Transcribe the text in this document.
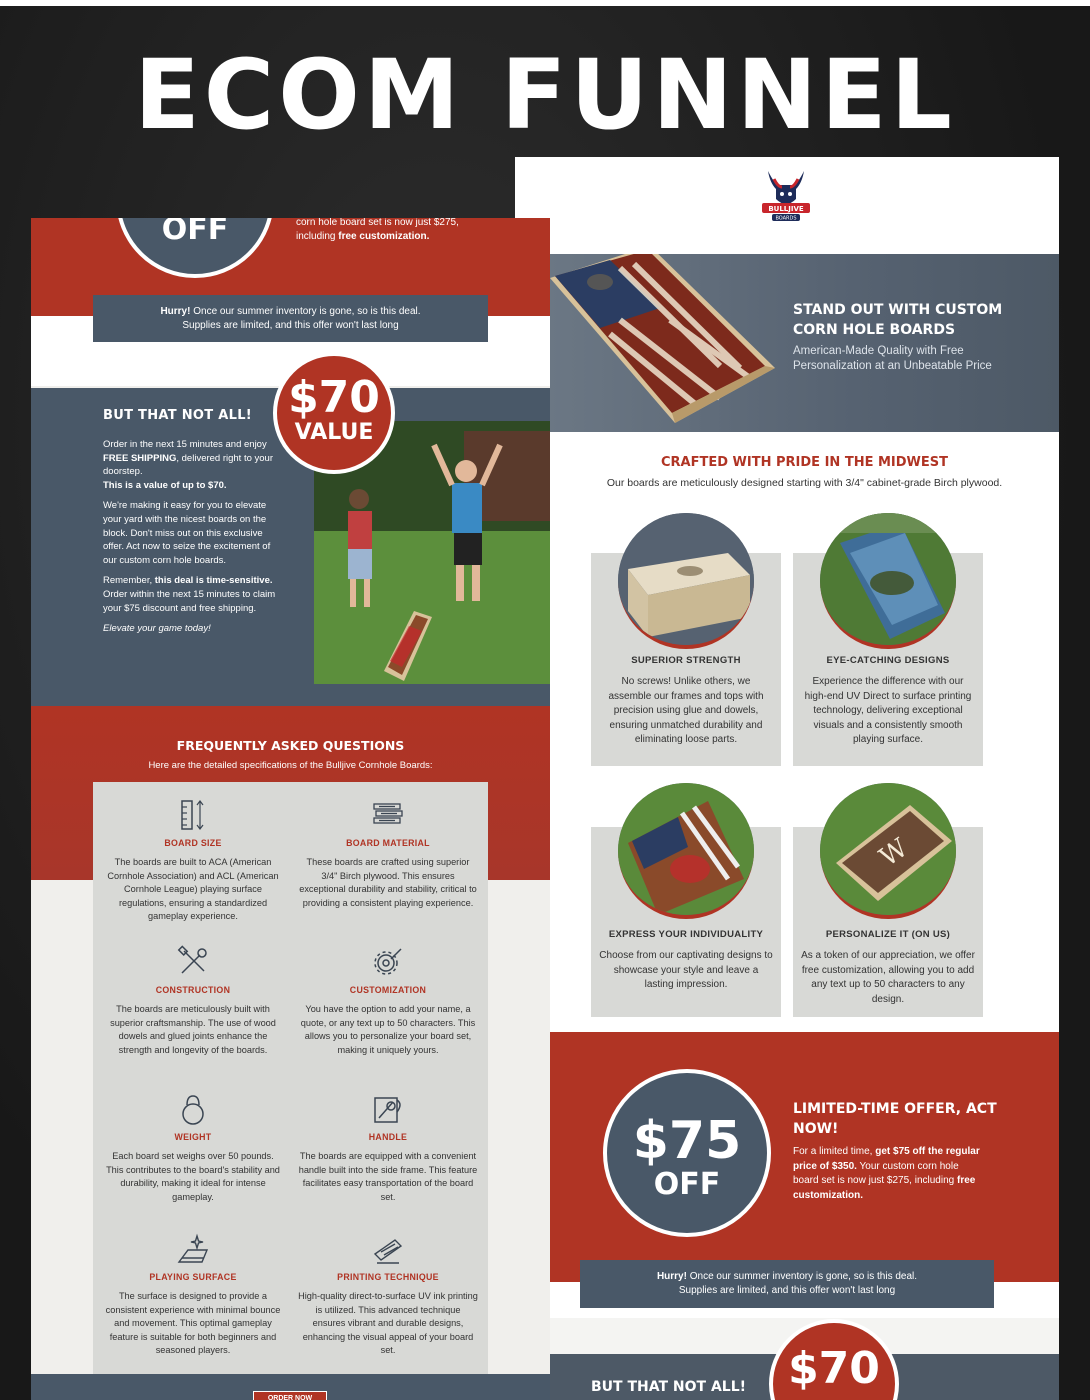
ECOM FUNNEL
BULLJIVE
BOARDS
STAND OUT WITH CUSTOM CORN HOLE BOARDS
American-Made Quality with Free Personalization at an Unbeatable Price
CRAFTED WITH PRIDE IN THE MIDWEST
Our boards are meticulously designed starting with 3/4" cabinet-grade Birch plywood.
SUPERIOR STRENGTH
No screws! Unlike others, we assemble our frames and tops with precision using glue and dowels, ensuring unmatched durability and eliminating loose parts.
EYE-CATCHING DESIGNS
Experience the difference with our high-end UV Direct to surface printing technology, delivering exceptional visuals and a consistently smooth playing surface.
EXPRESS YOUR INDIVIDUALITY
Choose from our captivating designs to showcase your style and leave a lasting impression.
W
PERSONALIZE IT (ON US)
As a token of our appreciation, we offer free customization, allowing you to add any text up to 50 characters to any design.
$75
OFF
LIMITED-TIME OFFER, ACT NOW!
For a limited time, get $75 off the regular price of $350. Your custom corn hole board set is now just $275, including free customization.
Hurry! Once our summer inventory is gone, so is this deal.
Supplies are limited, and this offer won't last long
BUT THAT NOT ALL! $70
OFF	corn hole board set is now just $275,
including free customization.
Hurry! Once our summer inventory is gone, so is this deal.
Supplies are limited, and this offer won't last long
BUT THAT NOT ALL!

Order in the next 15 minutes and enjoy FREE SHIPPING, delivered right to your doorstep.
This is a value of up to $70.

We're making it easy for you to elevate your yard with the nicest boards on the block. Don't miss out on this exclusive offer. Act now to seize the excitement of our custom corn hole boards.

Remember, this deal is time-sensitive. Order within the next 15 minutes to claim your $75 discount and free shipping.

Elevate your game today!

$70
VALUE
FREQUENTLY ASKED QUESTIONS
Here are the detailed specifications of the Bulljive Cornhole Boards:
BOARD SIZE
The boards are built to ACA (American Cornhole Association) and ACL (American Cornhole League) playing surface regulations, ensuring a standardized gameplay experience.
BOARD MATERIAL
These boards are crafted using superior 3/4" Birch plywood. This ensures exceptional durability and stability, critical to providing a consistent playing experience.
CONSTRUCTION
The boards are meticulously built with superior craftsmanship. The use of wood dowels and glued joints enhance the strength and longevity of the boards.
CUSTOMIZATION
You have the option to add your name, a quote, or any text up to 50 characters. This allows you to personalize your board set, making it uniquely yours.
WEIGHT
Each board set weighs over 50 pounds. This contributes to the board's stability and durability, making it ideal for intense gameplay.
HANDLE
The boards are equipped with a convenient handle built into the side frame. This feature facilitates easy transportation of the board set.
PLAYING SURFACE
The surface is designed to provide a consistent experience with minimal bounce and movement. This optimal gameplay feature is suitable for both beginners and seasoned players.
PRINTING TECHNIQUE
High-quality direct-to-surface UV ink printing is utilized. This advanced technique ensures vibrant and durable designs, enhancing the visual appeal of your board set.
ORDER NOW
